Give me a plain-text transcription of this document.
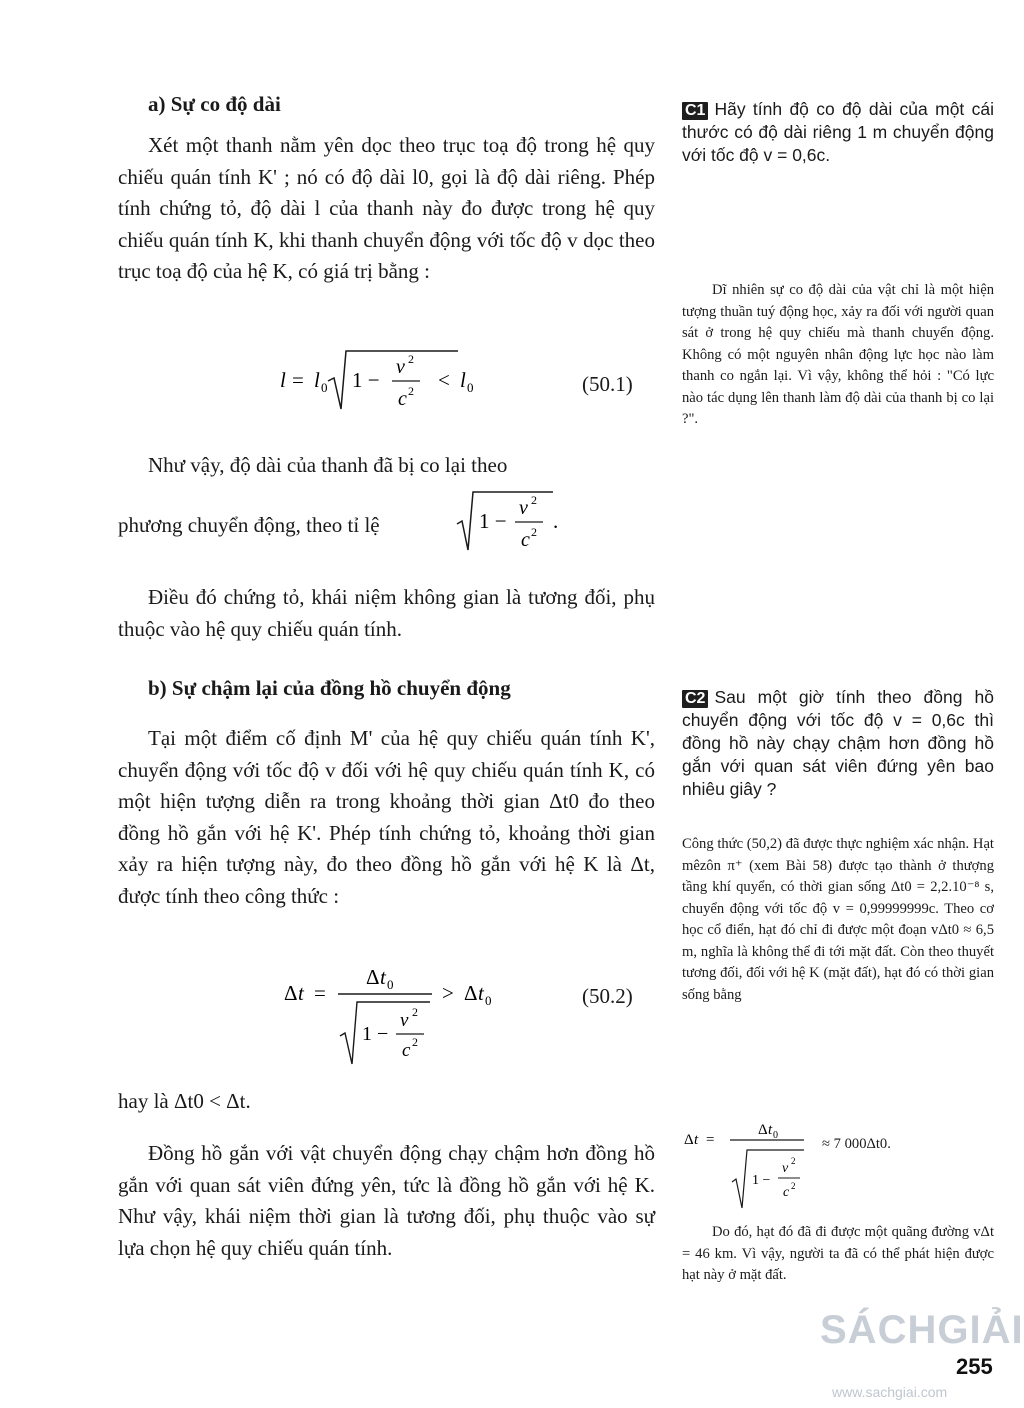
a) Sự co độ dài
Xét một thanh nằm yên dọc theo trục toạ độ trong hệ quy chiếu quán tính K' ; nó có độ dài l0, gọi là độ dài riêng. Phép tính chứng tỏ, độ dài l của thanh này đo được trong hệ quy chiếu quán tính K, khi thanh chuyển động với tốc độ v dọc theo trục toạ độ của hệ K, có giá trị bằng :
l = l 0 1 −
v 2
c 2 < l 0	(50.1)
Như vậy, độ dài của thanh đã bị co lại theo
phương chuyển động, theo tỉ lệ	1 −
v 2
c 2 .
Điều đó chứng tỏ, khái niệm không gian là tương đối, phụ thuộc vào hệ quy chiếu quán tính.
b) Sự chậm lại của đồng hồ chuyển động
Tại một điểm cố định M' của hệ quy chiếu quán tính K', chuyển động với tốc độ v đối với hệ quy chiếu quán tính K, có một hiện tượng diễn ra trong khoảng thời gian Δt0 đo theo đồng hồ gắn với hệ K'. Phép tính chứng tỏ, khoảng thời gian xảy ra hiện tượng này, đo theo đồng hồ gắn với hệ K là Δt, được tính theo công thức :
Δ t =
Δ t 0
1 −
v 2
c 2
> Δ t 0	(50.2)
hay là Δt0 < Δt.
Đồng hồ gắn với vật chuyển động chạy chậm hơn đồng hồ gắn với quan sát viên đứng yên, tức là đồng hồ gắn với hệ K. Như vậy, khái niệm thời gian là tương đối, phụ thuộc vào sự lựa chọn hệ quy chiếu quán tính.
C1 Hãy tính độ co độ dài của một cái thước có độ dài riêng 1 m chuyển động với tốc độ v = 0,6c.
Dĩ nhiên sự co độ dài của vật chỉ là một hiện tượng thuần tuý động học, xảy ra đối với người quan sát ở trong hệ quy chiếu mà thanh chuyển động. Không có một nguyên nhân động lực học nào làm thanh co ngắn lại. Vì vậy, không thể hỏi : "Có lực nào tác dụng lên thanh làm độ dài của thanh bị co lại ?".
C2 Sau một giờ tính theo đồng hồ chuyển động với tốc độ v = 0,6c thì đồng hồ này chạy chậm hơn đồng hồ gắn với quan sát viên đứng yên bao nhiêu giây ?
Công thức (50,2) đã được thực nghiệm xác nhận. Hạt mêzôn π⁺ (xem Bài 58) được tạo thành ở thượng tầng khí quyển, có thời gian sống Δt0 = 2,2.10⁻⁸ s, chuyển động với tốc độ v = 0,99999999c. Theo cơ học cổ điển, hạt đó chỉ đi được một đoạn vΔt0 ≈ 6,5 m, nghĩa là không thể đi tới mặt đất. Còn theo thuyết tương đối, đối với hệ K (mặt đất), hạt đó có thời gian sống bằng
Δ t =
Δ t 0
1 −
v 2
c 2
≈ 7 000Δt0.
Do đó, hạt đó đã đi được một quãng đường vΔt = 46 km. Vì vậy, người ta đã có thể phát hiện được hạt này ở mặt đất.
255
SÁCHGIẢI
www.sachgiai.com
